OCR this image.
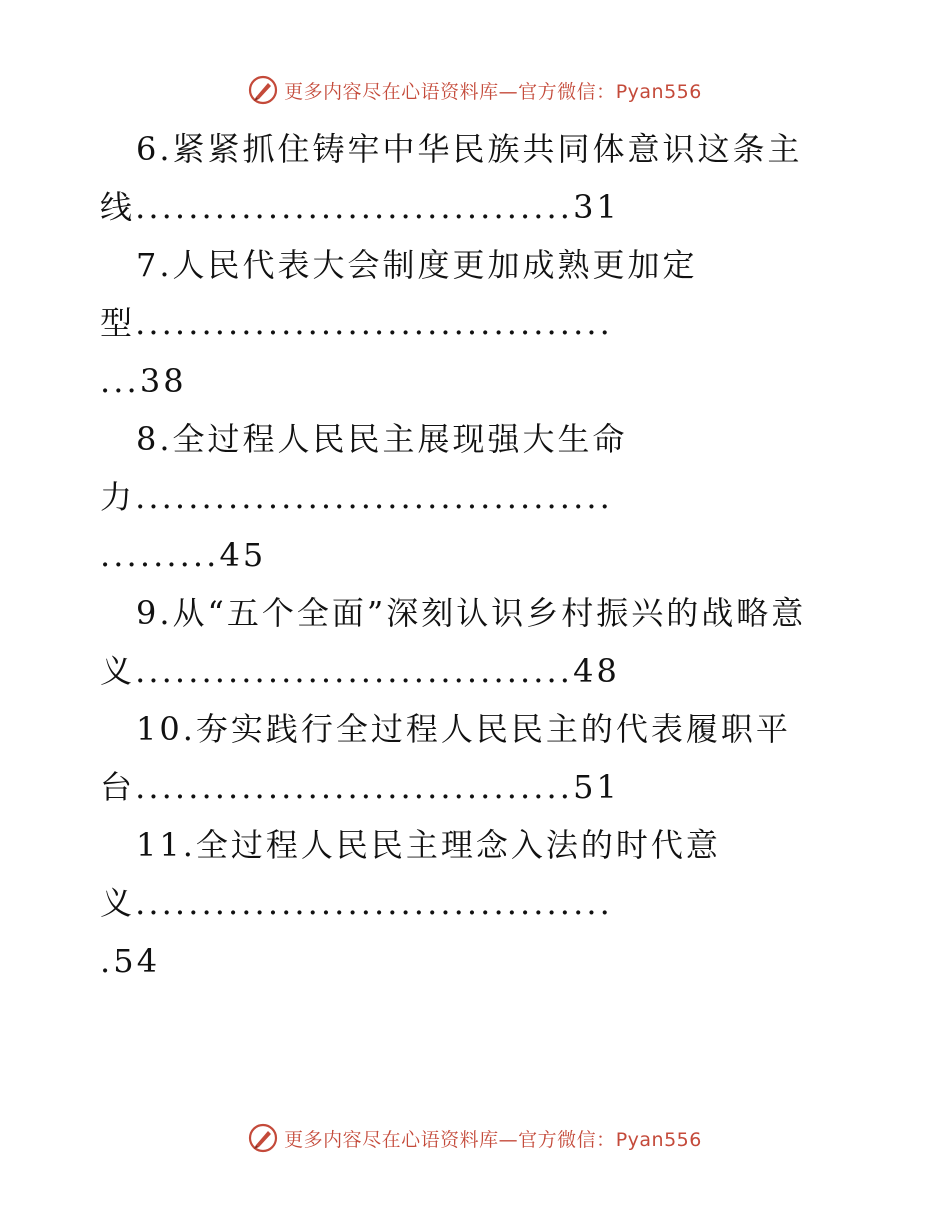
更多内容尽在心语资料库—官方微信：Pyan556
6.紧紧抓住铸牢中华民族共同体意识这条主
线.................................31
7.人民代表大会制度更加成熟更加定
型....................................
...38
8.全过程人民民主展现强大生命
力....................................
.........45
9.从“五个全面”深刻认识乡村振兴的战略意
义.................................48
10.夯实践行全过程人民民主的代表履职平
台.................................51
11.全过程人民民主理念入法的时代意
义....................................
.54
更多内容尽在心语资料库—官方微信：Pyan556
